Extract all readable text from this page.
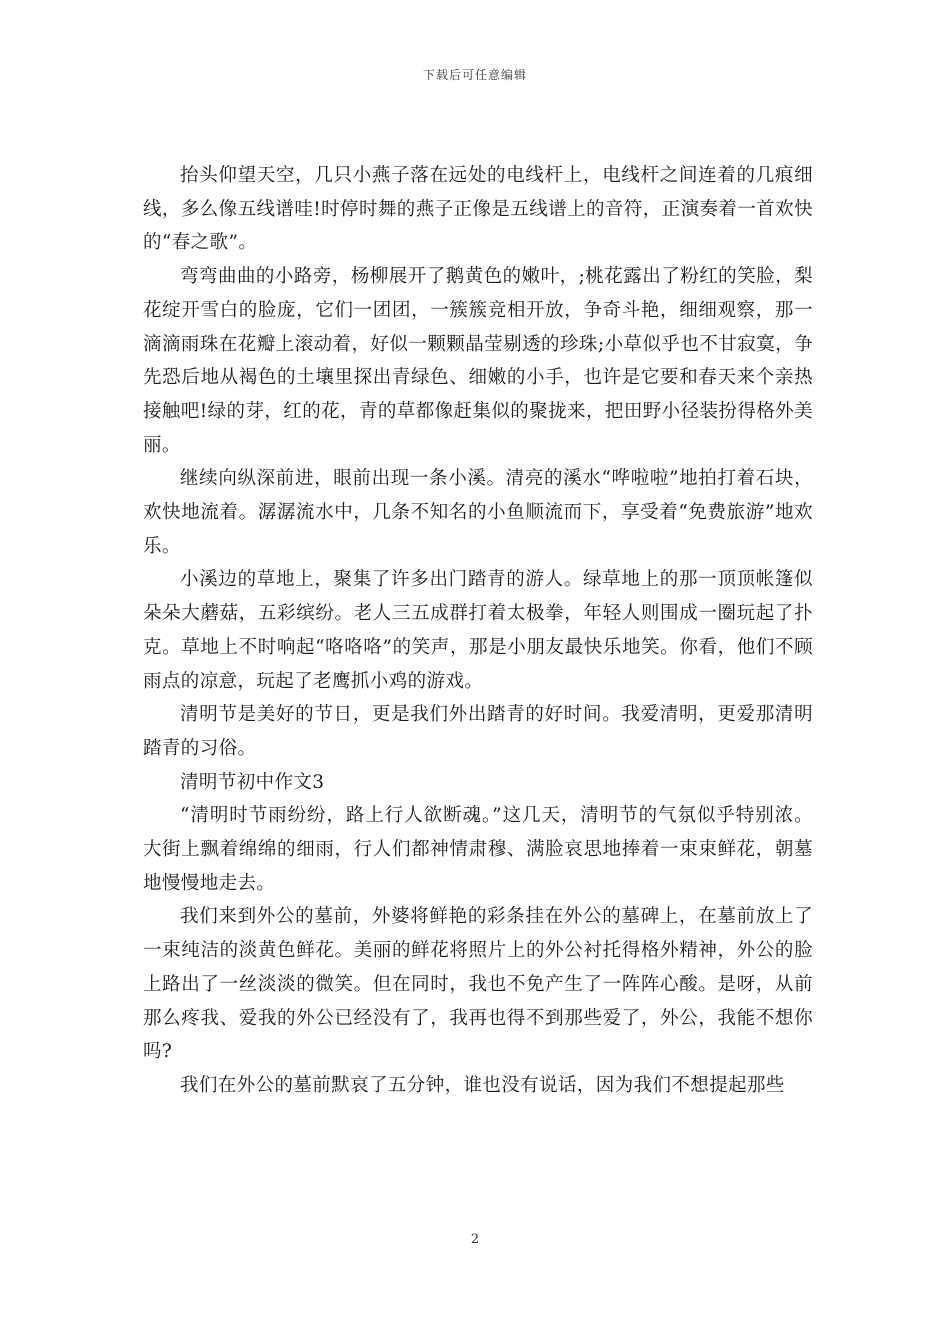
下载后可任意编辑

抬头仰望天空，几只小燕子落在远处的电线杆上，电线杆之间连着的几痕细线，多么像五线谱哇!时停时舞的燕子正像是五线谱上的音符，正演奏着一首欢快的“春之歌”。

弯弯曲曲的小路旁，杨柳展开了鹅黄色的嫩叶，;桃花露出了粉红的笑脸，梨花绽开雪白的脸庞，它们一团团，一簇簇竞相开放，争奇斗艳，细细观察，那一滴滴雨珠在花瓣上滚动着，好似一颗颗晶莹剔透的珍珠;小草似乎也不甘寂寞，争先恐后地从褐色的土壤里探出青绿色、细嫩的小手，也许是它要和春天来个亲热接触吧!绿的芽，红的花，青的草都像赶集似的聚拢来，把田野小径装扮得格外美丽。

继续向纵深前进，眼前出现一条小溪。清亮的溪水“哗啦啦”地拍打着石块，欢快地流着。潺潺流水中，几条不知名的小鱼顺流而下，享受着“免费旅游”地欢乐。

小溪边的草地上，聚集了许多出门踏青的游人。绿草地上的那一顶顶帐篷似朵朵大蘑菇，五彩缤纷。老人三五成群打着太极拳，年轻人则围成一圈玩起了扑克。草地上不时响起“咯咯咯”的笑声，那是小朋友最快乐地笑。你看，他们不顾雨点的凉意，玩起了老鹰抓小鸡的游戏。

清明节是美好的节日，更是我们外出踏青的好时间。我爱清明，更爱那清明踏青的习俗。

清明节初中作文3

“清明时节雨纷纷，路上行人欲断魂。”这几天，清明节的气氛似乎特别浓。大街上飘着绵绵的细雨，行人们都神情肃穆、满脸哀思地捧着一束束鲜花，朝墓地慢慢地走去。

我们来到外公的墓前，外婆将鲜艳的彩条挂在外公的墓碑上，在墓前放上了一束纯洁的淡黄色鲜花。美丽的鲜花将照片上的外公衬托得格外精神，外公的脸上路出了一丝淡淡的微笑。但在同时，我也不免产生了一阵阵心酸。是呀，从前那么疼我、爱我的外公已经没有了，我再也得不到那些爱了，外公，我能不想你吗?

我们在外公的墓前默哀了五分钟，谁也没有说话，因为我们不想提起那些

2
